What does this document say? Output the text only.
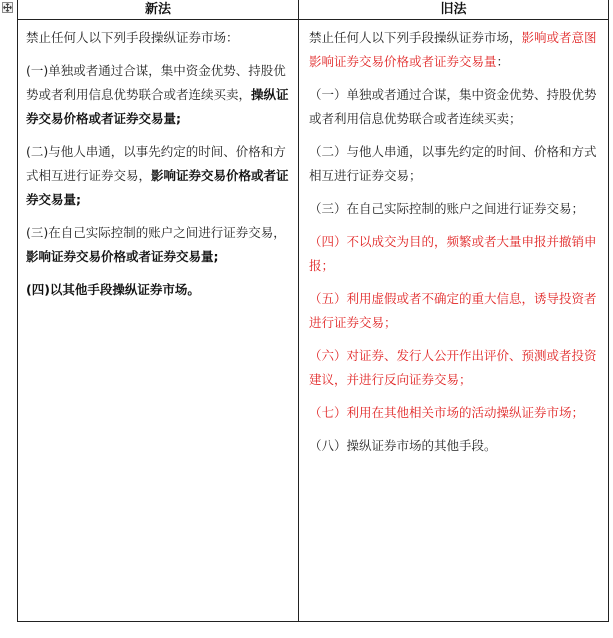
新法	旧法

禁止任何人以下列手段操纵证券市场：

(一)单独或者通过合谋，集中资金优势、持股优势或者利用信息优势联合或者连续买卖，操纵证券交易价格或者证券交易量;

(二)与他人串通，以事先约定的时间、价格和方式相互进行证券交易，影响证券交易价格或者证券交易量;

(三)在自己实际控制的账户之间进行证券交易，影响证券交易价格或者证券交易量;

(四)以其他手段操纵证券市场。

禁止任何人以下列手段操纵证券市场，影响或者意图影响证券交易价格或者证券交易量：

（一）单独或者通过合谋，集中资金优势、持股优势或者利用信息优势联合或者连续买卖；

（二）与他人串通，以事先约定的时间、价格和方式相互进行证券交易；

（三）在自己实际控制的账户之间进行证券交易；

（四）不以成交为目的，频繁或者大量申报并撤销申报；

（五）利用虚假或者不确定的重大信息，诱导投资者进行证券交易；

（六）对证券、发行人公开作出评价、预测或者投资建议，并进行反向证券交易；

（七）利用在其他相关市场的活动操纵证券市场；

（八）操纵证券市场的其他手段。
